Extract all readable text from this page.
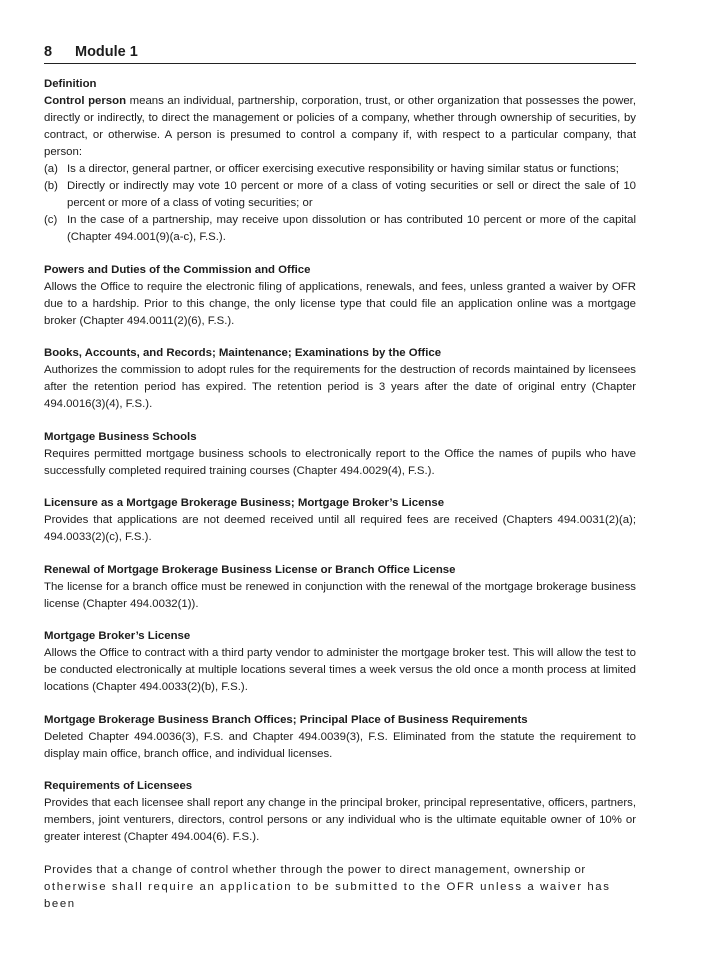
8	Module 1
Definition

Control person means an individual, partnership, corporation, trust, or other organization that possesses the power, directly or indirectly, to direct the management or policies of a company, whether through ownership of securities, by contract, or otherwise. A person is presumed to control a company if, with respect to a particular company, that person:

(a) Is a director, general partner, or officer exercising executive responsibility or having similar status or functions;
(b) Directly or indirectly may vote 10 percent or more of a class of voting securities or sell or direct the sale of 10 percent or more of a class of voting securities; or
(c) In the case of a partnership, may receive upon dissolution or has contributed 10 percent or more of the capital (Chapter 494.001(9)(a-c), F.S.).
Powers and Duties of the Commission and Office

Allows the Office to require the electronic filing of applications, renewals, and fees, unless granted a waiver by OFR due to a hardship. Prior to this change, the only license type that could file an application online was a mortgage broker (Chapter 494.0011(2)(6), F.S.).

Books, Accounts, and Records; Maintenance; Examinations by the Office

Authorizes the commission to adopt rules for the requirements for the destruction of records maintained by licensees after the retention period has expired. The retention period is 3 years after the date of original entry (Chapter 494.0016(3)(4), F.S.).

Mortgage Business Schools

Requires permitted mortgage business schools to electronically report to the Office the names of pupils who have successfully completed required training courses (Chapter 494.0029(4), F.S.).

Licensure as a Mortgage Brokerage Business; Mortgage Broker’s License

Provides that applications are not deemed received until all required fees are received (Chapters 494.0031(2)(a); 494.0033(2)(c), F.S.).

Renewal of Mortgage Brokerage Business License or Branch Office License

The license for a branch office must be renewed in conjunction with the renewal of the mortgage brokerage business license (Chapter 494.0032(1)).

Mortgage Broker’s License

Allows the Office to contract with a third party vendor to administer the mortgage broker test. This will allow the test to be conducted electronically at multiple locations several times a week versus the old once a month process at limited locations (Chapter 494.0033(2)(b), F.S.).

Mortgage Brokerage Business Branch Offices; Principal Place of Business Requirements

Deleted Chapter 494.0036(3), F.S. and Chapter 494.0039(3), F.S. Eliminated from the statute the requirement to display main office, branch office, and individual licenses.

Requirements of Licensees

Provides that each licensee shall report any change in the principal broker, principal representative, officers, partners, members, joint venturers, directors, control persons or any individual who is the ultimate equitable owner of 10% or greater interest (Chapter 494.004(6). F.S.).

Provides that a change of control whether through the power to direct management, ownership or
otherwise shall require an application to be submitted to the OFR unless a waiver has been
